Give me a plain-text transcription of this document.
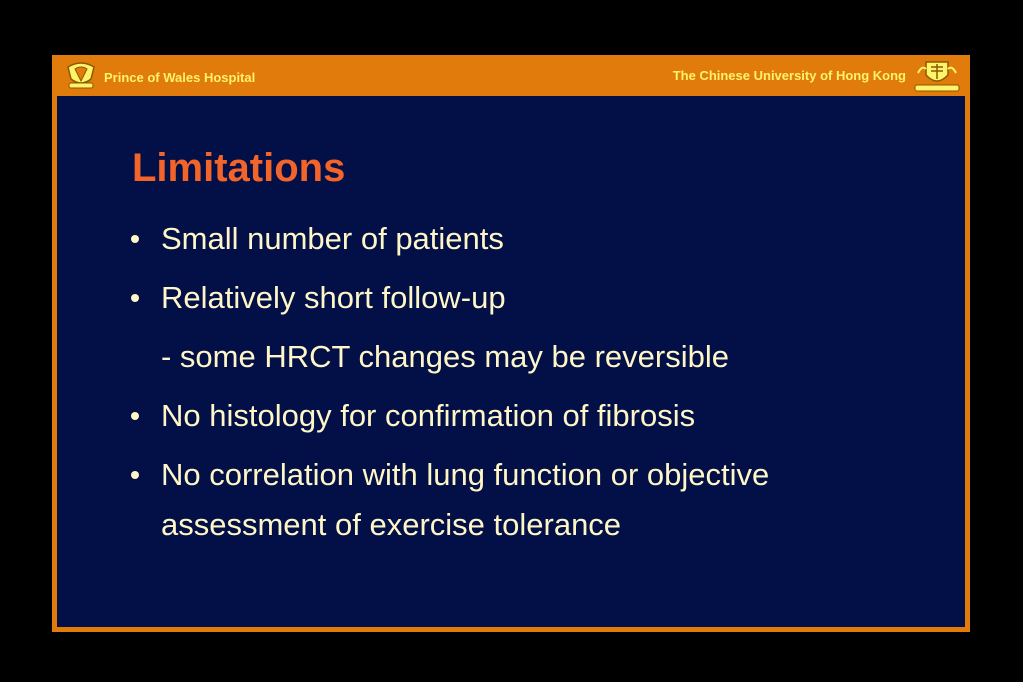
Prince of Wales Hospital	The Chinese University of Hong Kong
Limitations
Small number of patients
Relatively short follow-up
- some HRCT changes may be reversible
No histology for confirmation of fibrosis
No correlation with lung function or objective assessment of exercise tolerance
